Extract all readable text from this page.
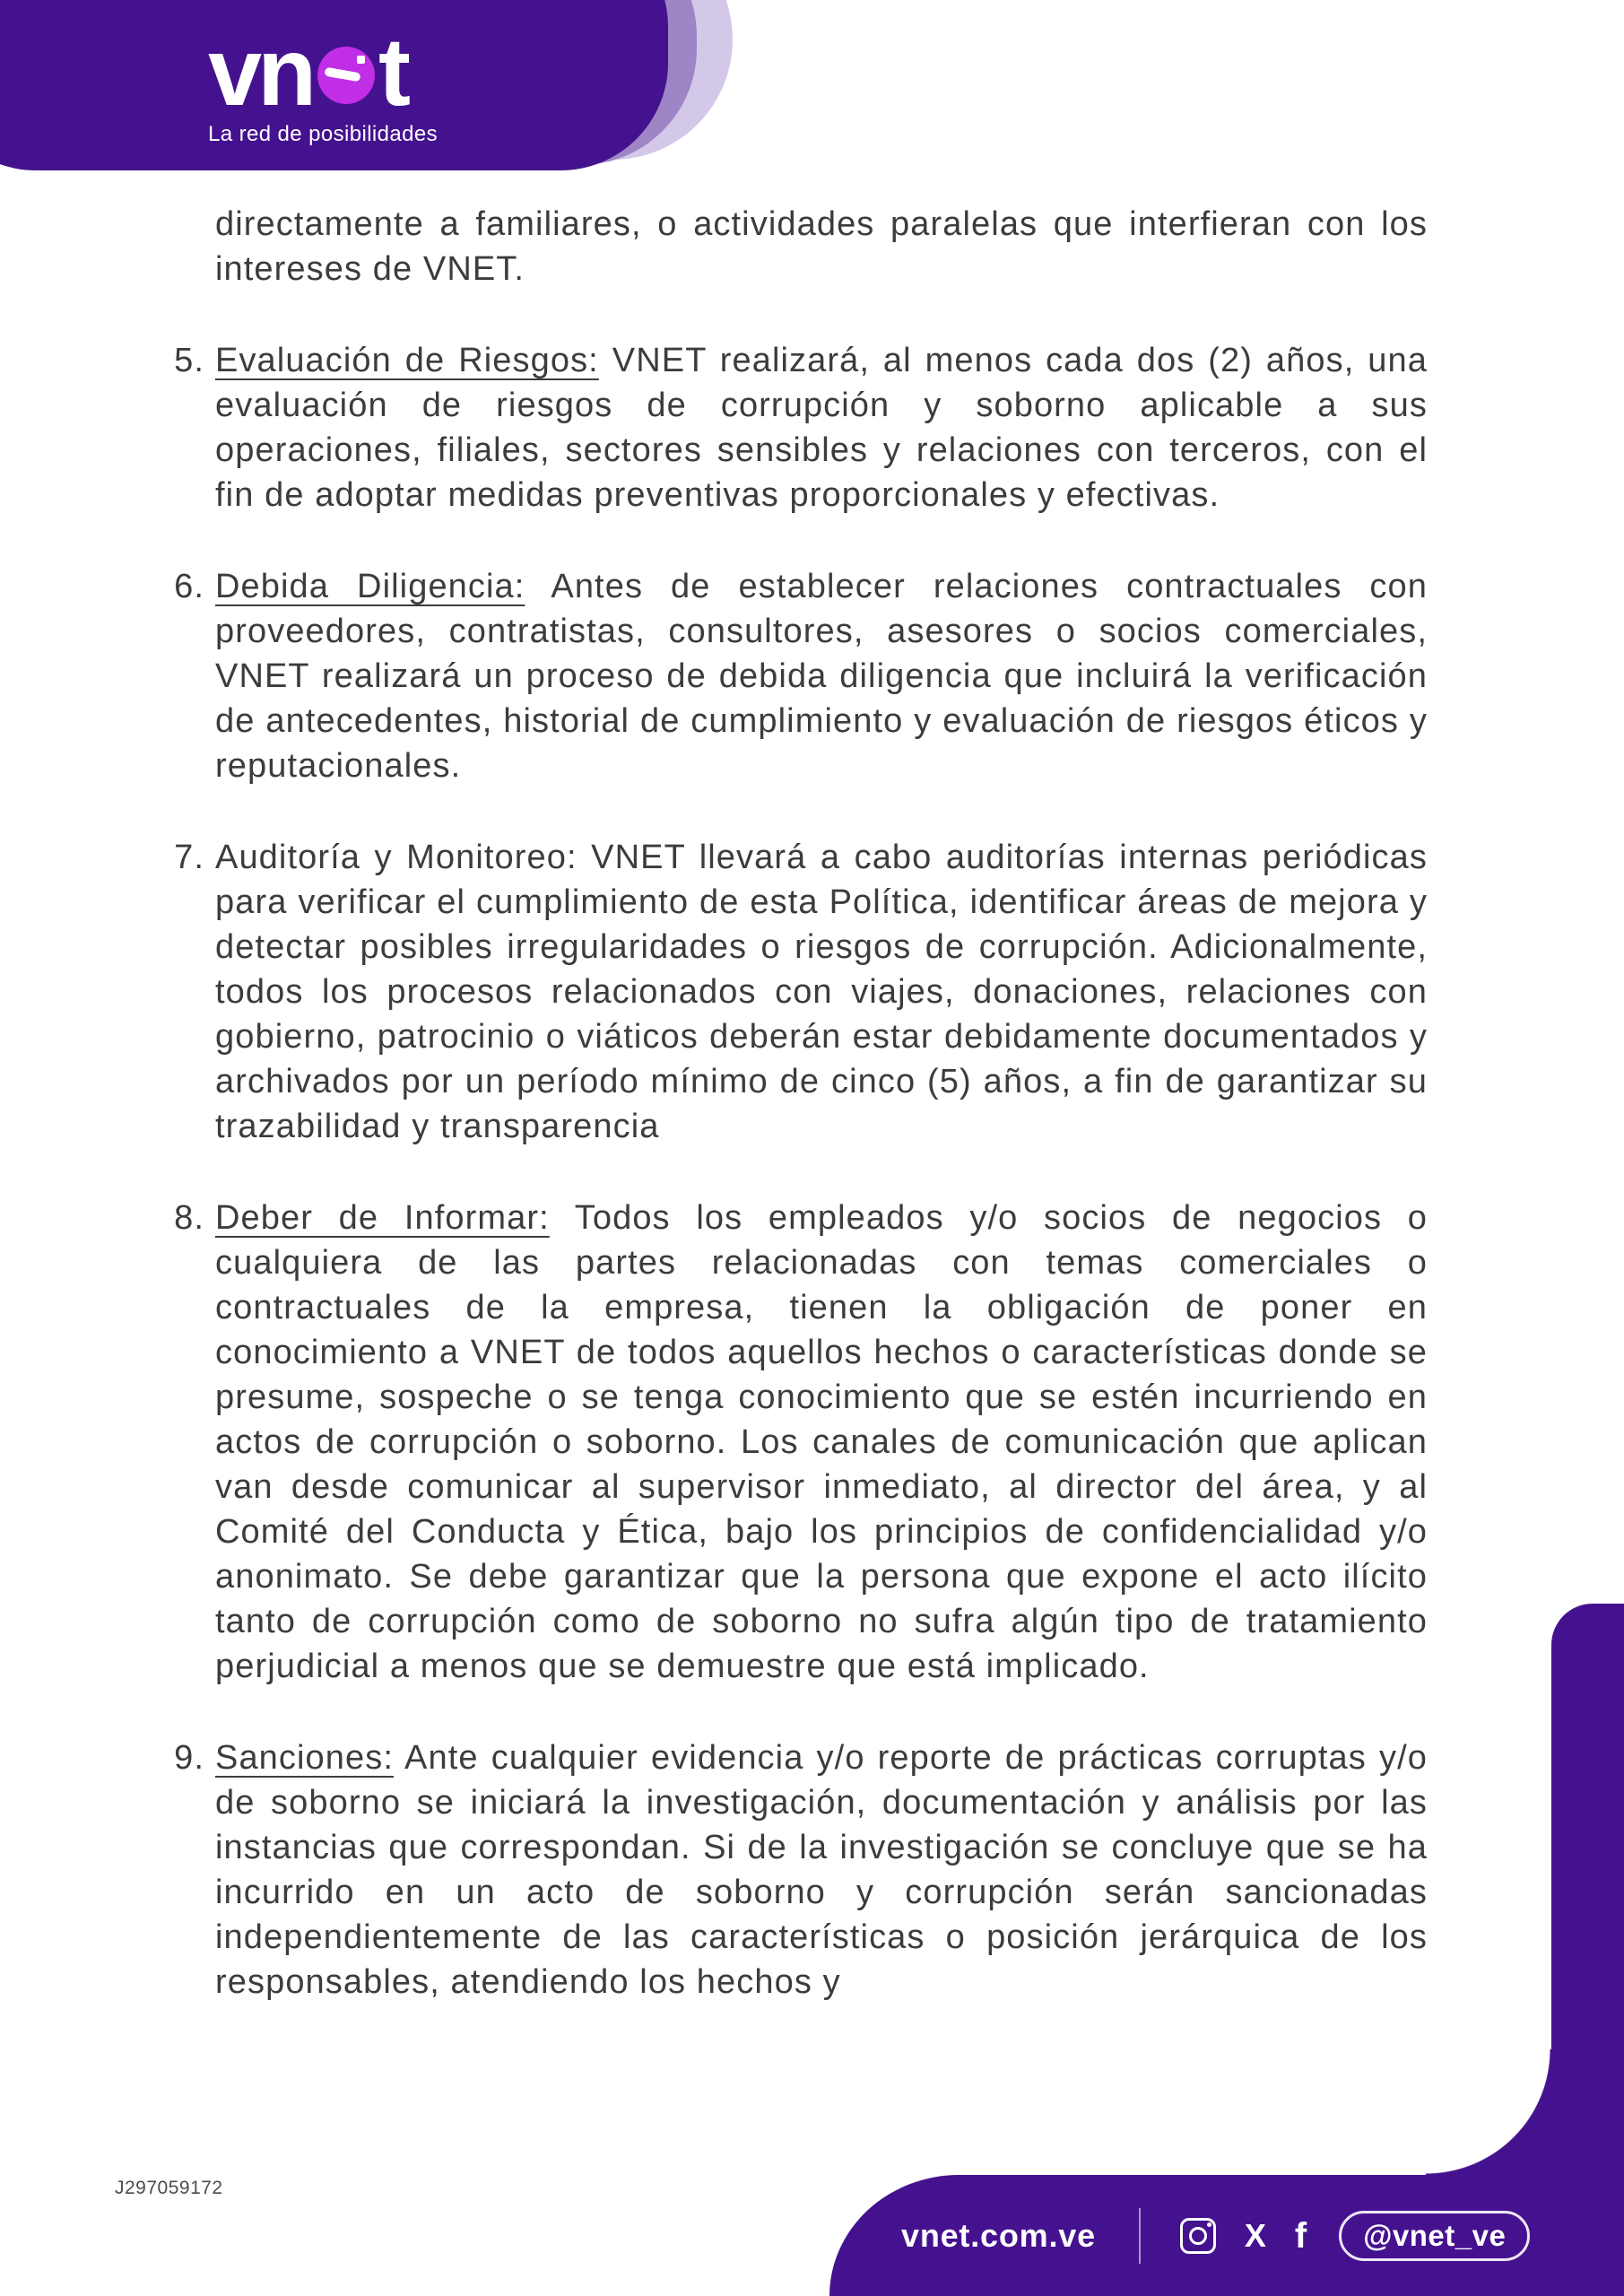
vn t
La red de posibilidades

directamente a familiares, o actividades paralelas que interfieran con los intereses de VNET.

5. Evaluación de Riesgos: VNET realizará, al menos cada dos (2) años, una evaluación de riesgos de corrupción y soborno aplicable a sus operaciones, filiales, sectores sensibles y relaciones con terceros, con el fin de adoptar medidas preventivas proporcionales y efectivas.
6. Debida Diligencia: Antes de establecer relaciones contractuales con proveedores, contratistas, consultores, asesores o socios comerciales, VNET realizará un proceso de debida diligencia que incluirá la verificación de antecedentes, historial de cumplimiento y evaluación de riesgos éticos y reputacionales.
7. Auditoría y Monitoreo: VNET llevará a cabo auditorías internas periódicas para verificar el cumplimiento de esta Política, identificar áreas de mejora y detectar posibles irregularidades o riesgos de corrupción. Adicionalmente, todos los procesos relacionados con viajes, donaciones, relaciones con gobierno, patrocinio o viáticos deberán estar debidamente documentados y archivados por un período mínimo de cinco (5) años, a fin de garantizar su trazabilidad y transparencia
8. Deber de Informar: Todos los empleados y/o socios de negocios o cualquiera de las partes relacionadas con temas comerciales o contractuales de la empresa, tienen la obligación de poner en conocimiento a VNET de todos aquellos hechos o características donde se presume, sospeche o se tenga conocimiento que se estén incurriendo en actos de corrupción o soborno. Los canales de comunicación que aplican van desde comunicar al supervisor inmediato, al director del área, y al Comité del Conducta y Ética, bajo los principios de confidencialidad y/o anonimato. Se debe garantizar que la persona que expone el acto ilícito tanto de corrupción como de soborno no sufra algún tipo de tratamiento perjudicial a menos que se demuestre que está implicado.
9. Sanciones: Ante cualquier evidencia y/o reporte de prácticas corruptas y/o de soborno se iniciará la investigación, documentación y análisis por las instancias que correspondan. Si de la investigación se concluye que se ha incurrido en un acto de soborno y corrupción serán sancionadas independientemente de las características o posición jerárquica de los responsables, atendiendo los hechos y
J297059172
vnet.com.ve	X f	@vnet_ve
